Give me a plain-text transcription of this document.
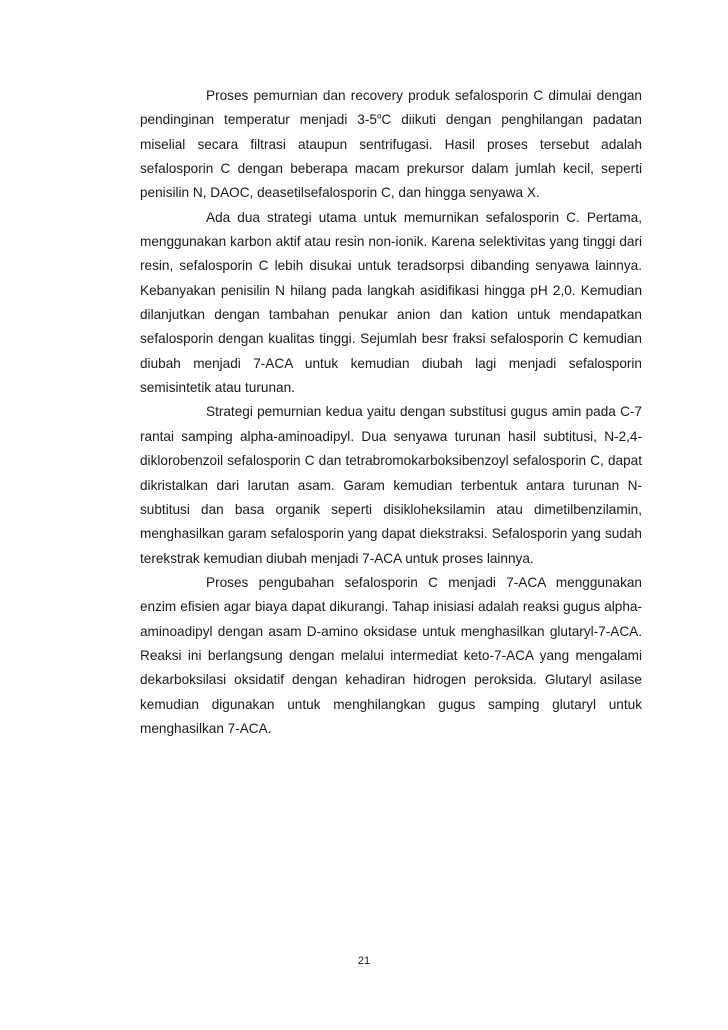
Proses pemurnian dan recovery produk sefalosporin C dimulai dengan pendinginan temperatur menjadi 3-5$^o$C diikuti dengan penghilangan padatan miselial secara filtrasi ataupun sentrifugasi. Hasil proses tersebut adalah sefalosporin C dengan beberapa macam prekursor dalam jumlah kecil, seperti penisilin N, DAOC, deasetilsefalosporin C, dan hingga senyawa X.

Ada dua strategi utama untuk memurnikan sefalosporin C. Pertama, menggunakan karbon aktif atau resin non-ionik. Karena selektivitas yang tinggi dari resin, sefalosporin C lebih disukai untuk teradsorpsi dibanding senyawa lainnya. Kebanyakan penisilin N hilang pada langkah asidifikasi hingga pH 2,0. Kemudian dilanjutkan dengan tambahan penukar anion dan kation untuk mendapatkan sefalosporin dengan kualitas tinggi. Sejumlah besr fraksi sefalosporin C kemudian diubah menjadi 7-ACA untuk kemudian diubah lagi menjadi sefalosporin semisintetik atau turunan.

Strategi pemurnian kedua yaitu dengan substitusi gugus amin pada C-7 rantai samping alpha-aminoadipyl. Dua senyawa turunan hasil subtitusi, N-2,4-diklorobenzoil sefalosporin C dan tetrabromokarboksibenzoyl sefalosporin C, dapat dikristalkan dari larutan asam. Garam kemudian terbentuk antara turunan N-subtitusi dan basa organik seperti disikloheksilamin atau dimetilbenzilamin, menghasilkan garam sefalosporin yang dapat diekstraksi. Sefalosporin yang sudah terekstrak kemudian diubah menjadi 7-ACA untuk proses lainnya.

Proses pengubahan sefalosporin C menjadi 7-ACA menggunakan enzim efisien agar biaya dapat dikurangi. Tahap inisiasi adalah reaksi gugus alpha-aminoadipyl dengan asam D-amino oksidase untuk menghasilkan glutaryl-7-ACA. Reaksi ini berlangsung dengan melalui intermediat keto-7-ACA yang mengalami dekarboksilasi oksidatif dengan kehadiran hidrogen peroksida. Glutaryl asilase kemudian digunakan untuk menghilangkan gugus samping glutaryl untuk menghasilkan 7-ACA.

21
